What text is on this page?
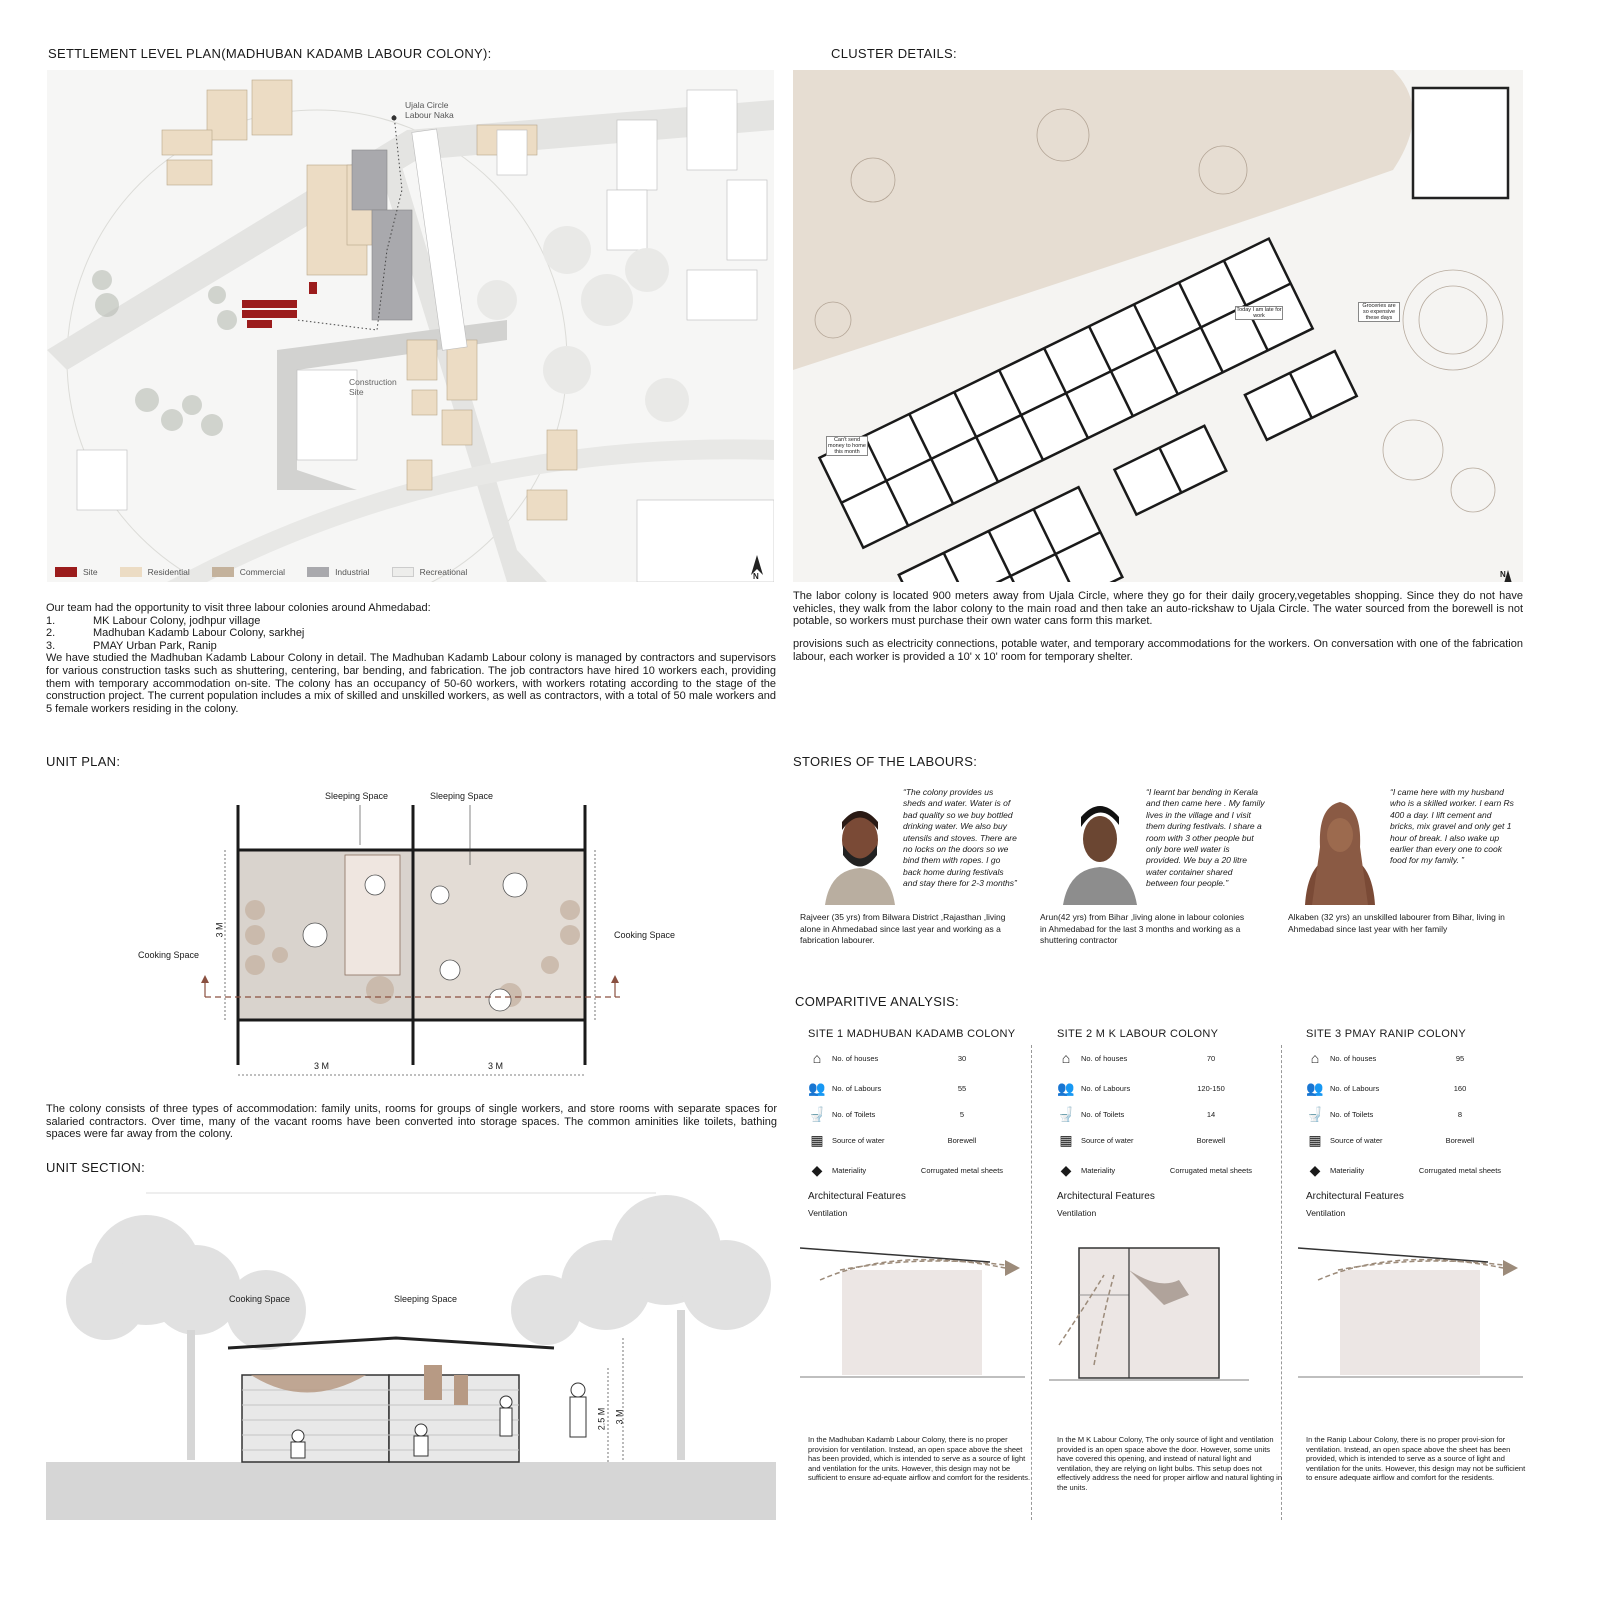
SETTLEMENT LEVEL PLAN(MADHUBAN KADAMB LABOUR COLONY):
Ujala Circle
Labour Naka
Construction
Site
N
Site	Residential	Commercial	Industrial	Recreational
CLUSTER DETAILS:
Today I am late for work
Groceries are so expensive these days
Can't send money to home this month
N
The labor colony is located 900 meters away from Ujala Circle, where they go for their daily grocery,vegetables shopping. Since they do not have vehicles, they walk from the labor colony to the main road and then take an auto-rickshaw to Ujala Circle. The water sourced from the borewell is not potable, so workers must purchase their own water cans form this market.
provisions such as electricity connections, potable water, and temporary accommodations for the workers. On conversation with one of the fabrication labour, each worker is provided a 10' x 10' room for temporary shelter.
Our team had the opportunity to visit three labour colonies around Ahmedabad:
1.	MK Labour Colony, jodhpur village
2.	Madhuban Kadamb Labour Colony, sarkhej
3.	PMAY Urban Park, Ranip
We have studied the Madhuban Kadamb Labour Colony in detail. The Madhuban Kadamb Labour colony is managed by contractors and supervisors for various construction tasks such as shuttering, centering, bar bending, and fabrication. The job contractors have hired 10 workers each, providing them with temporary accommodation on-site. The colony has an occupancy of 50-60 workers, with workers rotating according to the stage of the construction project. The current population includes a mix of skilled and unskilled workers, as well as contractors, with a total of 50 male workers and 5 female workers residing in the colony.
UNIT PLAN:
Sleeping Space	Sleeping Space
Cooking Space
Cooking Space
3 M
3 M	3 M
The colony consists of three types of accommodation: family units, rooms for groups of single workers, and store rooms with separate spaces for salaried contractors. Over time, many of the vacant rooms have been converted into storage spaces. The common aminities like toilets, bathing spaces were far away from the colony.
UNIT SECTION:
Cooking Space	Sleeping Space
2.5 M 3 M
STORIES OF THE LABOURS:
“The colony provides us sheds and water. Water is of bad quality so we buy bottled drinking water. We also buy utensils and stoves. There are no locks on the doors so we bind them with ropes. I go back home during festivals and stay there for 2-3 months”
Rajveer (35 yrs) from Bilwara District ,Rajasthan ,living alone in Ahmedabad since last year and working as a fabrication labourer.
“I learnt bar bending in Kerala and then came here . My family lives in the village and I visit them during festivals. I share a room with 3 other people but only bore well water is provided. We buy a 20 litre water container shared between four people.”
Arun(42 yrs) from Bihar ,living alone in labour colonies in Ahmedabad for the last 3 months and working as a shuttering contractor
“I came here with my husband who is a skilled worker. I earn Rs 400 a day. I lift cement and bricks, mix gravel and only get 1 hour of break. I also wake up earlier than every one to cook food for my family. ”
Alkaben (32 yrs) an unskilled labourer from Bihar, living in Ahmedabad since last year with her family
COMPARITIVE ANALYSIS:
SITE 1 MADHUBAN KADAMB COLONY
⌂	No. of houses	30
👥 No. of Labours	55
🚽 No. of Toilets	5
▦	Source of water	Borewell
◆	Materiality	Corrugated metal sheets
Architectural Features
Ventilation
In the Madhuban Kadamb Labour Colony, there is no proper provision for ventilation. Instead, an open space above the sheet has been provided, which is intended to serve as a source of light and ventilation for the units. However, this design may not be sufficient to ensure ad-equate airflow and comfort for the residents.
SITE 2 M K LABOUR COLONY
⌂	No. of houses	70
👥 No. of Labours	120-150
🚽 No. of Toilets	14
▦	Source of water	Borewell
◆	Materiality	Corrugated metal sheets
Architectural Features
Ventilation
In the M K Labour Colony, The only source of light and ventilation provided is an open space above the door. However, some units have covered this opening, and instead of natural light and ventilation, they are relying on light bulbs. This setup does not effectively address the need for proper airflow and natural lighting in the units.
SITE 3 PMAY RANIP COLONY
⌂	No. of houses	95
👥 No. of Labours	160
🚽 No. of Toilets	8
▦	Source of water	Borewell
◆	Materiality	Corrugated metal sheets
Architectural Features
Ventilation
In the Ranip Labour Colony, there is no proper provi-sion for ventilation. Instead, an open space above the sheet has been provided, which is intended to serve as a source of light and ventilation for the units. However, this design may not be sufficient to ensure adequate airflow and comfort for the residents.
